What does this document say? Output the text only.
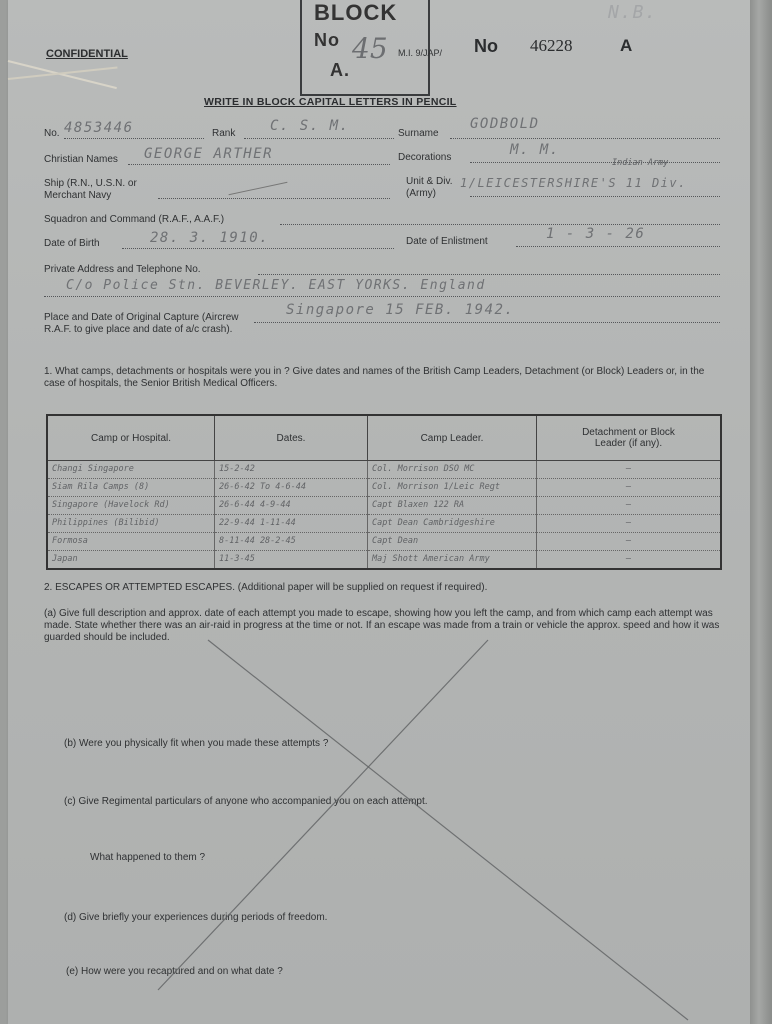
BLOCK
No
A.
45
N.B.
CONFIDENTIAL	M.I. 9/JAP/ No 46228	A
WRITE IN BLOCK CAPITAL LETTERS IN PENCIL
No. 4853446	Rank C. S. M.	Surname
GODBOLD
Christian Names GEORGE ARTHER	Decorations	M. M.
Indian Army
Ship (R.N., U.S.N. or Merchant Navy
Unit & Div. (Army)
1/LEICESTERSHIRE'S 11 Div.
Squadron and Command (R.A.F., A.A.F.)
Date of Birth	28. 3. 1910.	Date of Enlistment	1 - 3 - 26
Private Address and Telephone No.
C/o Police Stn. BEVERLEY. EAST YORKS. England
Place and Date of Original Capture (Aircrew R.A.F. to give place and date of a/c crash).
Singapore 15 FEB. 1942.
1. What camps, detachments or hospitals were you in ? Give dates and names of the British Camp Leaders, Detachment (or Block) Leaders or, in the case of hospitals, the Senior British Medical Officers.
Camp or Hospital.	Dates.	Camp Leader.	Detachment or Block Leader (if any).
Changi Singapore	15-2-42	Col. Morrison DSO MC	—
Siam Rila Camps (8)	26-6-42 To 4-6-44	Col. Morrison 1/Leic Regt	—
Singapore (Havelock Rd)	26-6-44 4-9-44	Capt Blaxen 122 RA	—
Philippines (Bilibid)	22-9-44 1-11-44	Capt Dean Cambridgeshire	—
Formosa	8-11-44 28-2-45	Capt Dean	—
Japan	11-3-45	Maj Shott American Army	—
2. ESCAPES OR ATTEMPTED ESCAPES. (Additional paper will be supplied on request if required).
(a) Give full description and approx. date of each attempt you made to escape, showing how you left the camp, and from which camp each attempt was made. State whether there was an air-raid in progress at the time or not. If an escape was made from a train or vehicle the approx. speed and how it was guarded should be included.
(b) Were you physically fit when you made these attempts ?
(c) Give Regimental particulars of anyone who accompanied you on each attempt.
What happened to them ?
(d) Give briefly your experiences during periods of freedom.
(e) How were you recaptured and on what date ?
